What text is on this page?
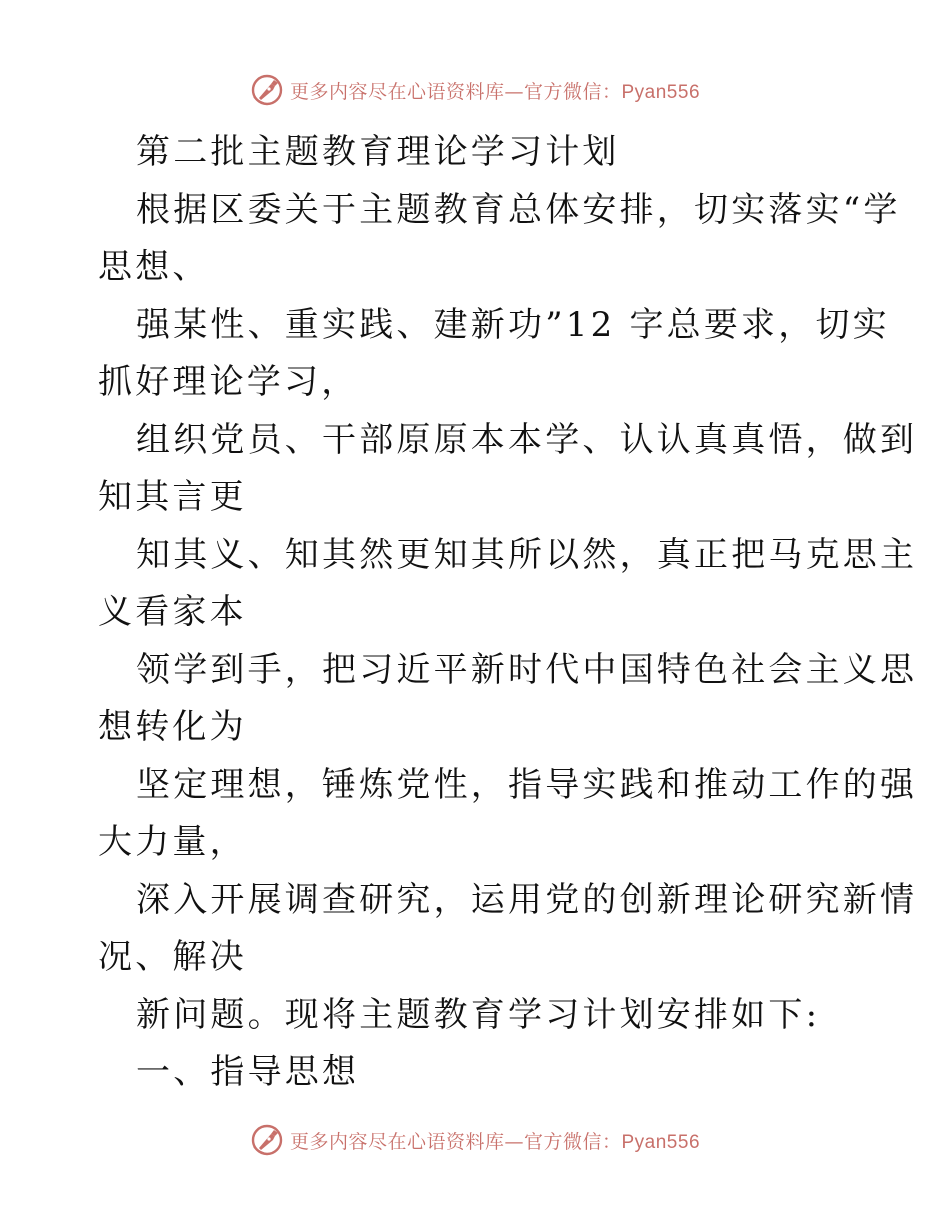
更多内容尽在心语资料库—官方微信：Pyan556
第二批主题教育理论学习计划
根据区委关于主题教育总体安排，切实落实“学
思想、
强某性、重实践、建新功”12 字总要求，切实
抓好理论学习，
组织党员、干部原原本本学、认认真真悟，做到
知其言更
知其义、知其然更知其所以然，真正把马克思主
义看家本
领学到手，把习近平新时代中国特色社会主义思
想转化为
坚定理想，锤炼党性，指导实践和推动工作的强
大力量，
深入开展调查研究，运用党的创新理论研究新情
况、解决
新问题。现将主题教育学习计划安排如下:
一、指导思想
更多内容尽在心语资料库—官方微信：Pyan556
